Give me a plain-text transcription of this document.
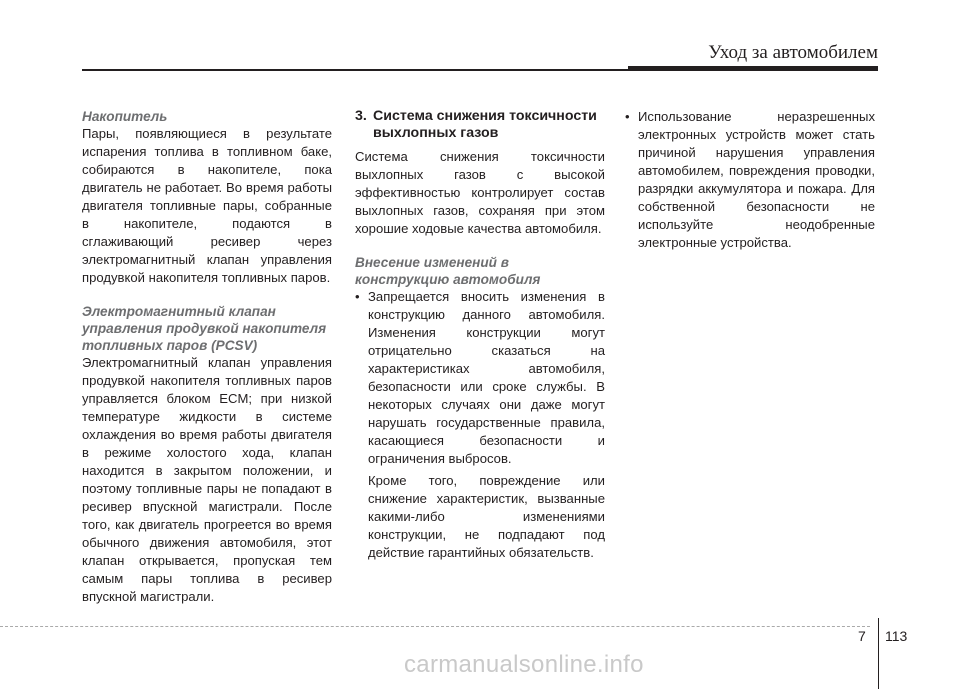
Уход за автомобилем
Накопитель

Пары, появляющиеся в результате испарения топлива в топливном баке, собираются в накопителе, пока двигатель не работает. Во время работы двигателя топливные пары, собранные в накопителе, подаются в сглаживающий ресивер через электромагнитный клапан управления продувкой накопителя топливных паров.

Электромагнитный клапан управления продувкой накопителя топливных паров (PCSV)

Электромагнитный клапан управления продувкой накопителя топливных паров управляется блоком ECM; при низкой температуре жидкости в системе охлаждения во время работы двигателя в режиме холостого хода, клапан находится в закрытом положении, и поэтому топливные пары не попадают в ресивер впускной магистрали. После того, как двигатель прогреется во время обычного движения автомобиля, этот клапан открывается, пропуская тем самым пары топлива в ресивер впускной магистрали.

3. Система снижения токсичности выхлопных газов

Система снижения токсичности выхлопных газов с высокой эффективностью контролирует состав выхлопных газов, сохраняя при этом хорошие ходовые качества автомобиля.

Внесение изменений в конструкцию автомобиля
• Запрещается вносить изменения в конструкцию данного автомобиля. Изменения конструкции могут отрицательно сказаться на характеристиках автомобиля, безопасности или сроке службы. В некоторых случаях они даже могут нарушать государственные правила, касающиеся безопасности и ограничения выбросов.

Кроме того, повреждение или снижение характеристик, вызванные какими-либо изменениями конструкции, не подпадают под действие гарантийных обязательств.

• Использование неразрешенных электронных устройств может стать причиной нарушения управления автомобилем, повреждения проводки, разрядки аккумулятора и пожара. Для собственной безопасности не используйте неодобренные электронные устройства.
7 113
carmanualsonline.info
